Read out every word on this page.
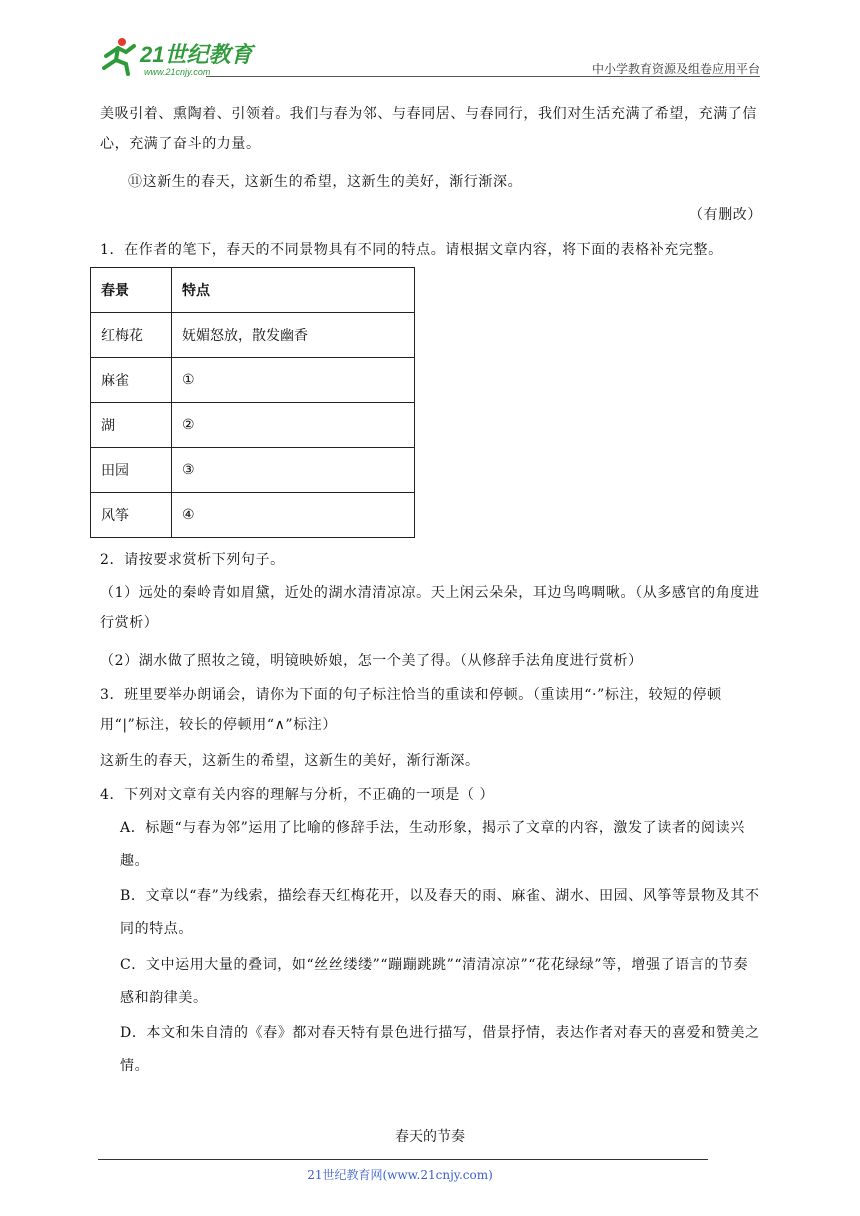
21世纪教育
www.21cnjy.com	中小学教育资源及组卷应用平台
美吸引着、熏陶着、引领着。我们与春为邻、与春同居、与春同行，我们对生活充满了希望，充满了信心，充满了奋斗的力量。
⑪这新生的春天，这新生的希望，这新生的美好，渐行渐深。
（有删改）
1．在作者的笔下，春天的不同景物具有不同的特点。请根据文章内容，将下面的表格补充完整。
春景	特点
红梅花	妩媚怒放，散发幽香
麻雀	①
湖	②
田园	③
风筝	④
2．请按要求赏析下列句子。
（1）远处的秦岭青如眉黛，近处的湖水清清凉凉。天上闲云朵朵，耳边鸟鸣啁啾。（从多感官的角度进行赏析）
（2）湖水做了照妆之镜，明镜映娇娘，怎一个美了得。（从修辞手法角度进行赏析）
3．班里要举办朗诵会，请你为下面的句子标注恰当的重读和停顿。（重读用“·”标注，较短的停顿用“|”标注，较长的停顿用“∧”标注）
这新生的春天，这新生的希望，这新生的美好，渐行渐深。
4．下列对文章有关内容的理解与分析，不正确的一项是（ ）
A．标题“与春为邻”运用了比喻的修辞手法，生动形象，揭示了文章的内容，激发了读者的阅读兴趣。
B．文章以“春”为线索，描绘春天红梅花开，以及春天的雨、麻雀、湖水、田园、风筝等景物及其不同的特点。
C．文中运用大量的叠词，如“丝丝缕缕”“蹦蹦跳跳”“清清凉凉”“花花绿绿”等，增强了语言的节奏感和韵律美。
D．本文和朱自清的《春》都对春天特有景色进行描写，借景抒情，表达作者对春天的喜爱和赞美之情。
春天的节奏
21世纪教育网(www.21cnjy.com)
